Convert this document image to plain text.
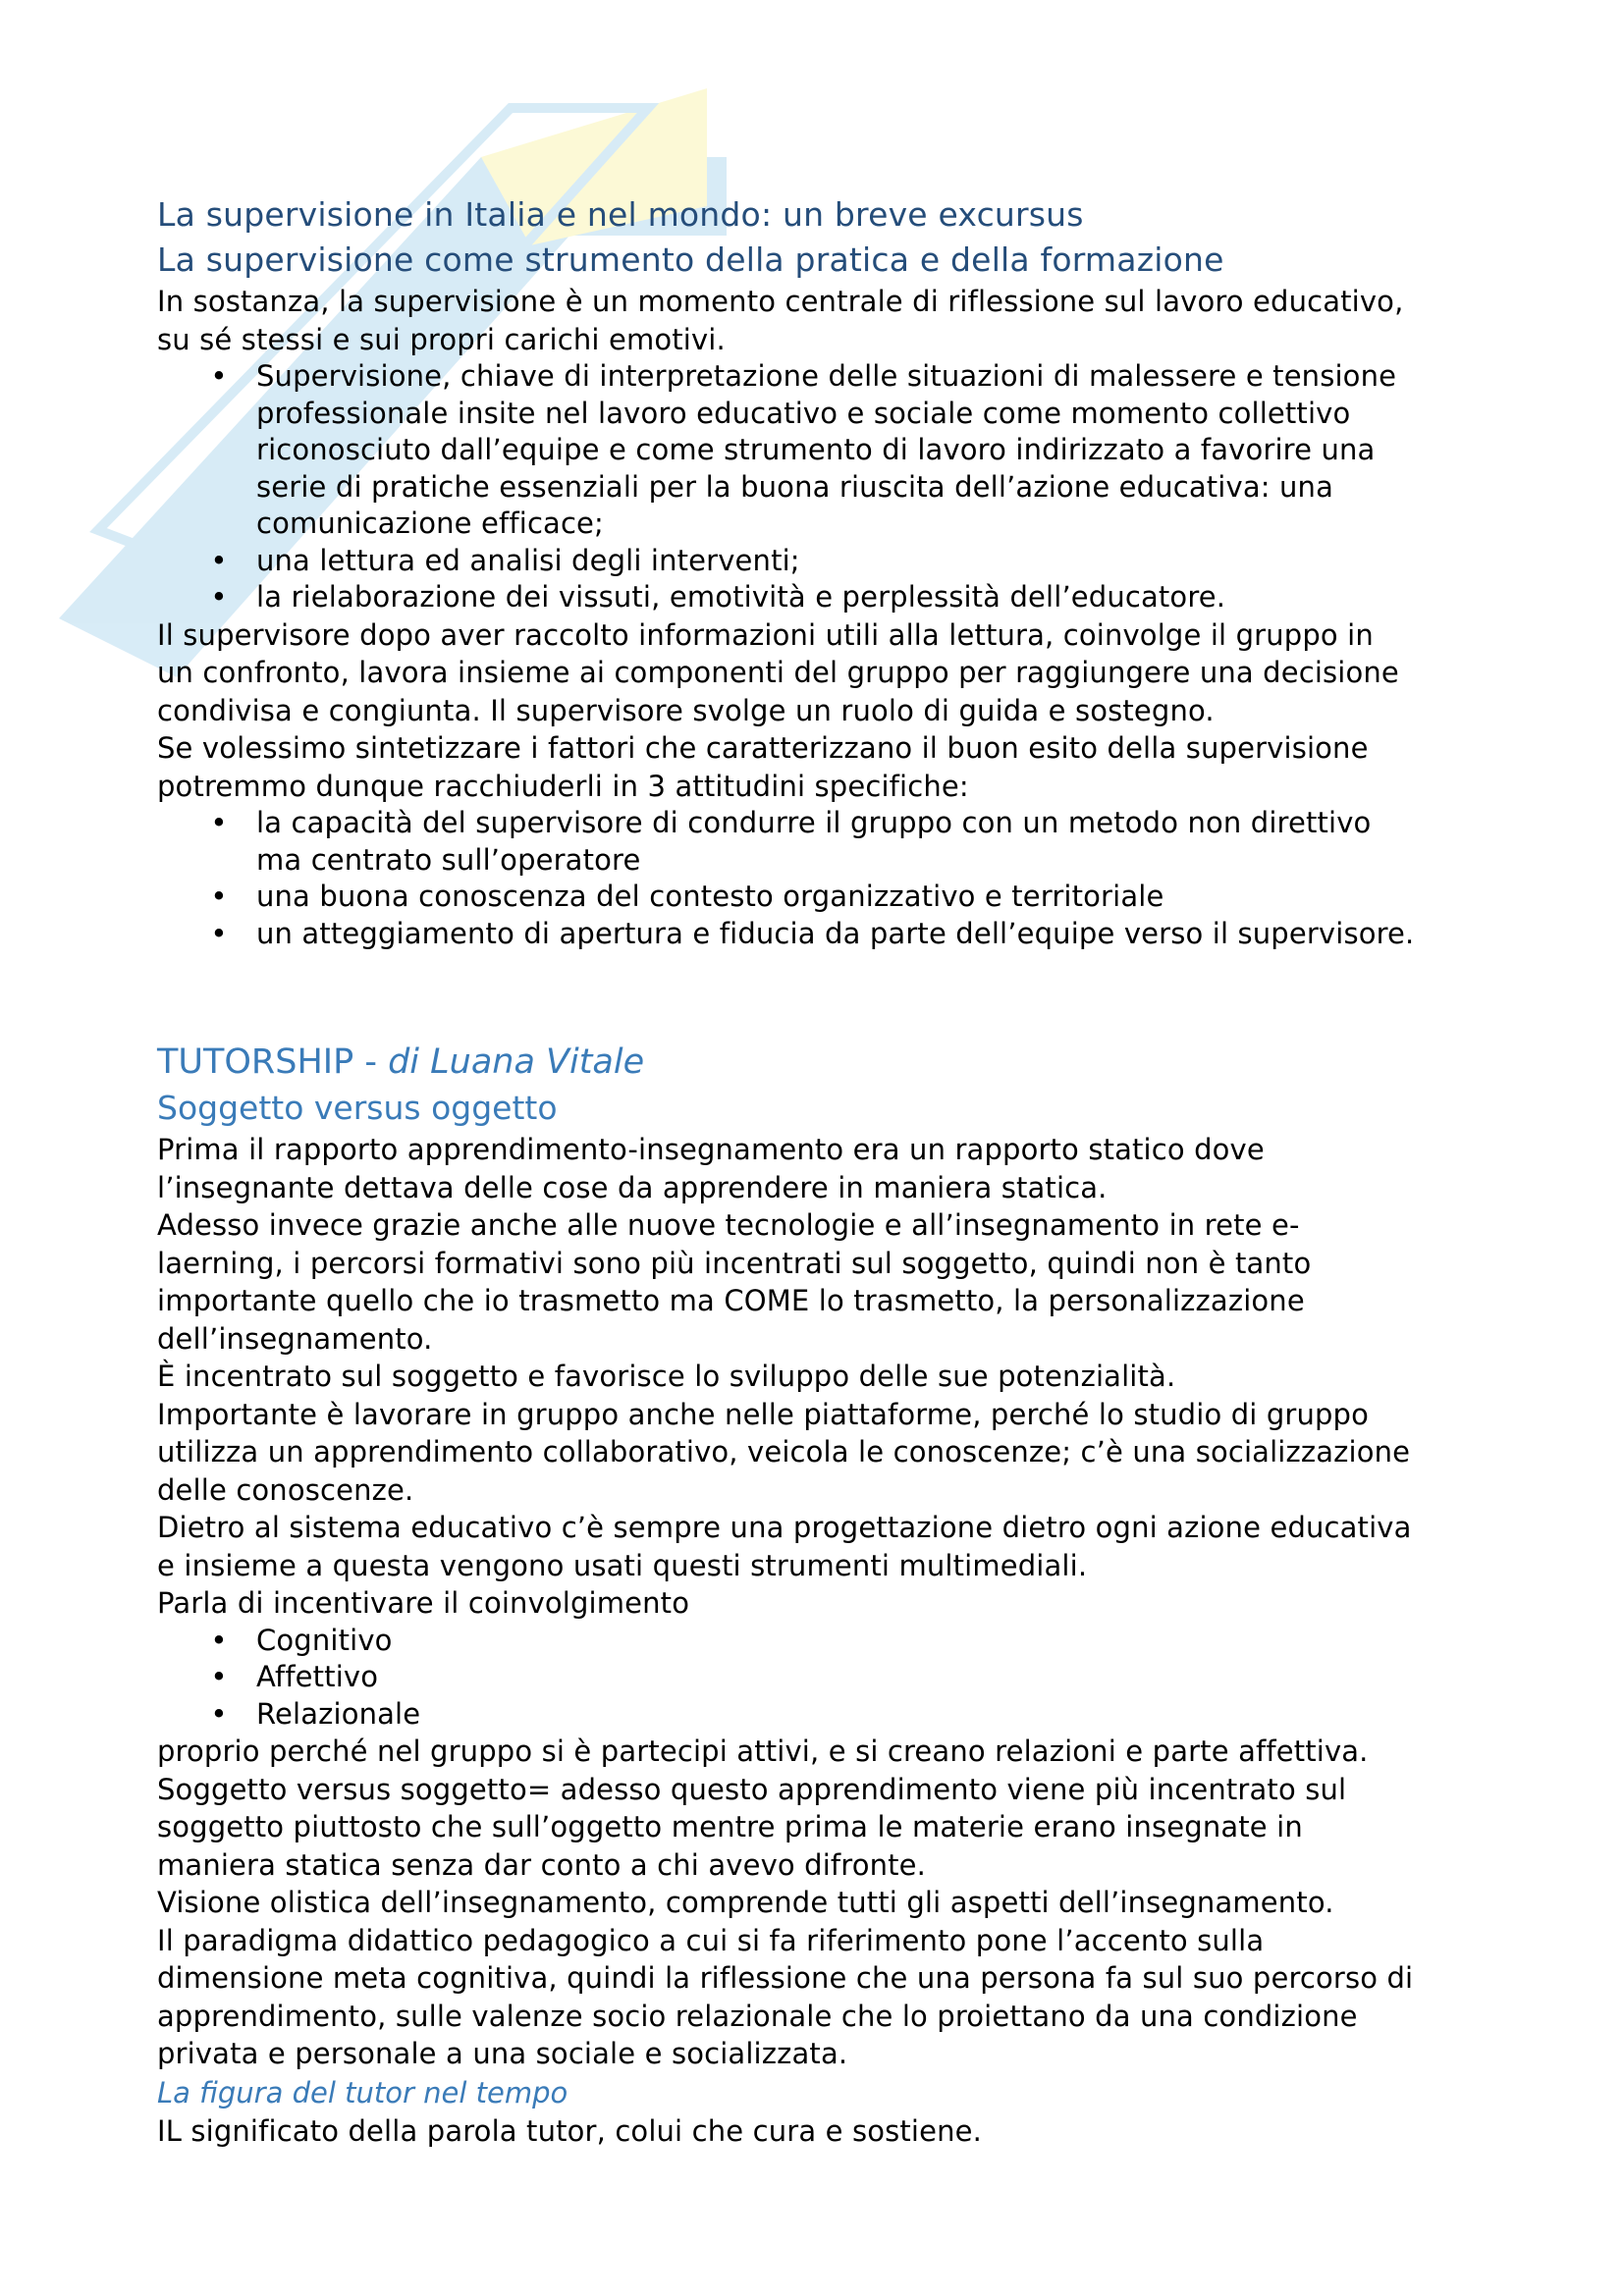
La supervisione in Italia e nel mondo: un breve excursus
La supervisione come strumento della pratica e della formazione

In sostanza, la supervisione è un momento centrale di riflessione sul lavoro educativo,
su sé stessi e sui propri carichi emotivi.

• Supervisione, chiave di interpretazione delle situazioni di malessere e tensione
professionale insite nel lavoro educativo e sociale come momento collettivo
riconosciuto dall’equipe e come strumento di lavoro indirizzato a favorire una
serie di pratiche essenziali per la buona riuscita dell’azione educativa: una
comunicazione efficace;
• una lettura ed analisi degli interventi;
• la rielaborazione dei vissuti, emotività e perplessità dell’educatore.

Il supervisore dopo aver raccolto informazioni utili alla lettura, coinvolge il gruppo in
un confronto, lavora insieme ai componenti del gruppo per raggiungere una decisione
condivisa e congiunta. Il supervisore svolge un ruolo di guida e sostegno.
Se volessimo sintetizzare i fattori che caratterizzano il buon esito della supervisione
potremmo dunque racchiuderli in 3 attitudini specifiche:

• la capacità del supervisore di condurre il gruppo con un metodo non direttivo
ma centrato sull’operatore
• una buona conoscenza del contesto organizzativo e territoriale
• un atteggiamento di apertura e fiducia da parte dell’equipe verso il supervisore.
TUTORSHIP - di Luana Vitale
Soggetto versus oggetto

Prima il rapporto apprendimento-insegnamento era un rapporto statico dove
l’insegnante dettava delle cose da apprendere in maniera statica.
Adesso invece grazie anche alle nuove tecnologie e all’insegnamento in rete e-
laerning, i percorsi formativi sono più incentrati sul soggetto, quindi non è tanto
importante quello che io trasmetto ma COME lo trasmetto, la personalizzazione
dell’insegnamento.
È incentrato sul soggetto e favorisce lo sviluppo delle sue potenzialità.
Importante è lavorare in gruppo anche nelle piattaforme, perché lo studio di gruppo
utilizza un apprendimento collaborativo, veicola le conoscenze; c’è una socializzazione
delle conoscenze.
Dietro al sistema educativo c’è sempre una progettazione dietro ogni azione educativa
e insieme a questa vengono usati questi strumenti multimediali.
Parla di incentivare il coinvolgimento

• Cognitivo
• Affettivo
• Relazionale

proprio perché nel gruppo si è partecipi attivi, e si creano relazioni e parte affettiva.
Soggetto versus soggetto= adesso questo apprendimento viene più incentrato sul
soggetto piuttosto che sull’oggetto mentre prima le materie erano insegnate in
maniera statica senza dar conto a chi avevo difronte.
Visione olistica dell’insegnamento, comprende tutti gli aspetti dell’insegnamento.
Il paradigma didattico pedagogico a cui si fa riferimento pone l’accento sulla
dimensione meta cognitiva, quindi la riflessione che una persona fa sul suo percorso di
apprendimento, sulle valenze socio relazionale che lo proiettano da una condizione
privata e personale a una sociale e socializzata.

La figura del tutor nel tempo

IL significato della parola tutor, colui che cura e sostiene.
